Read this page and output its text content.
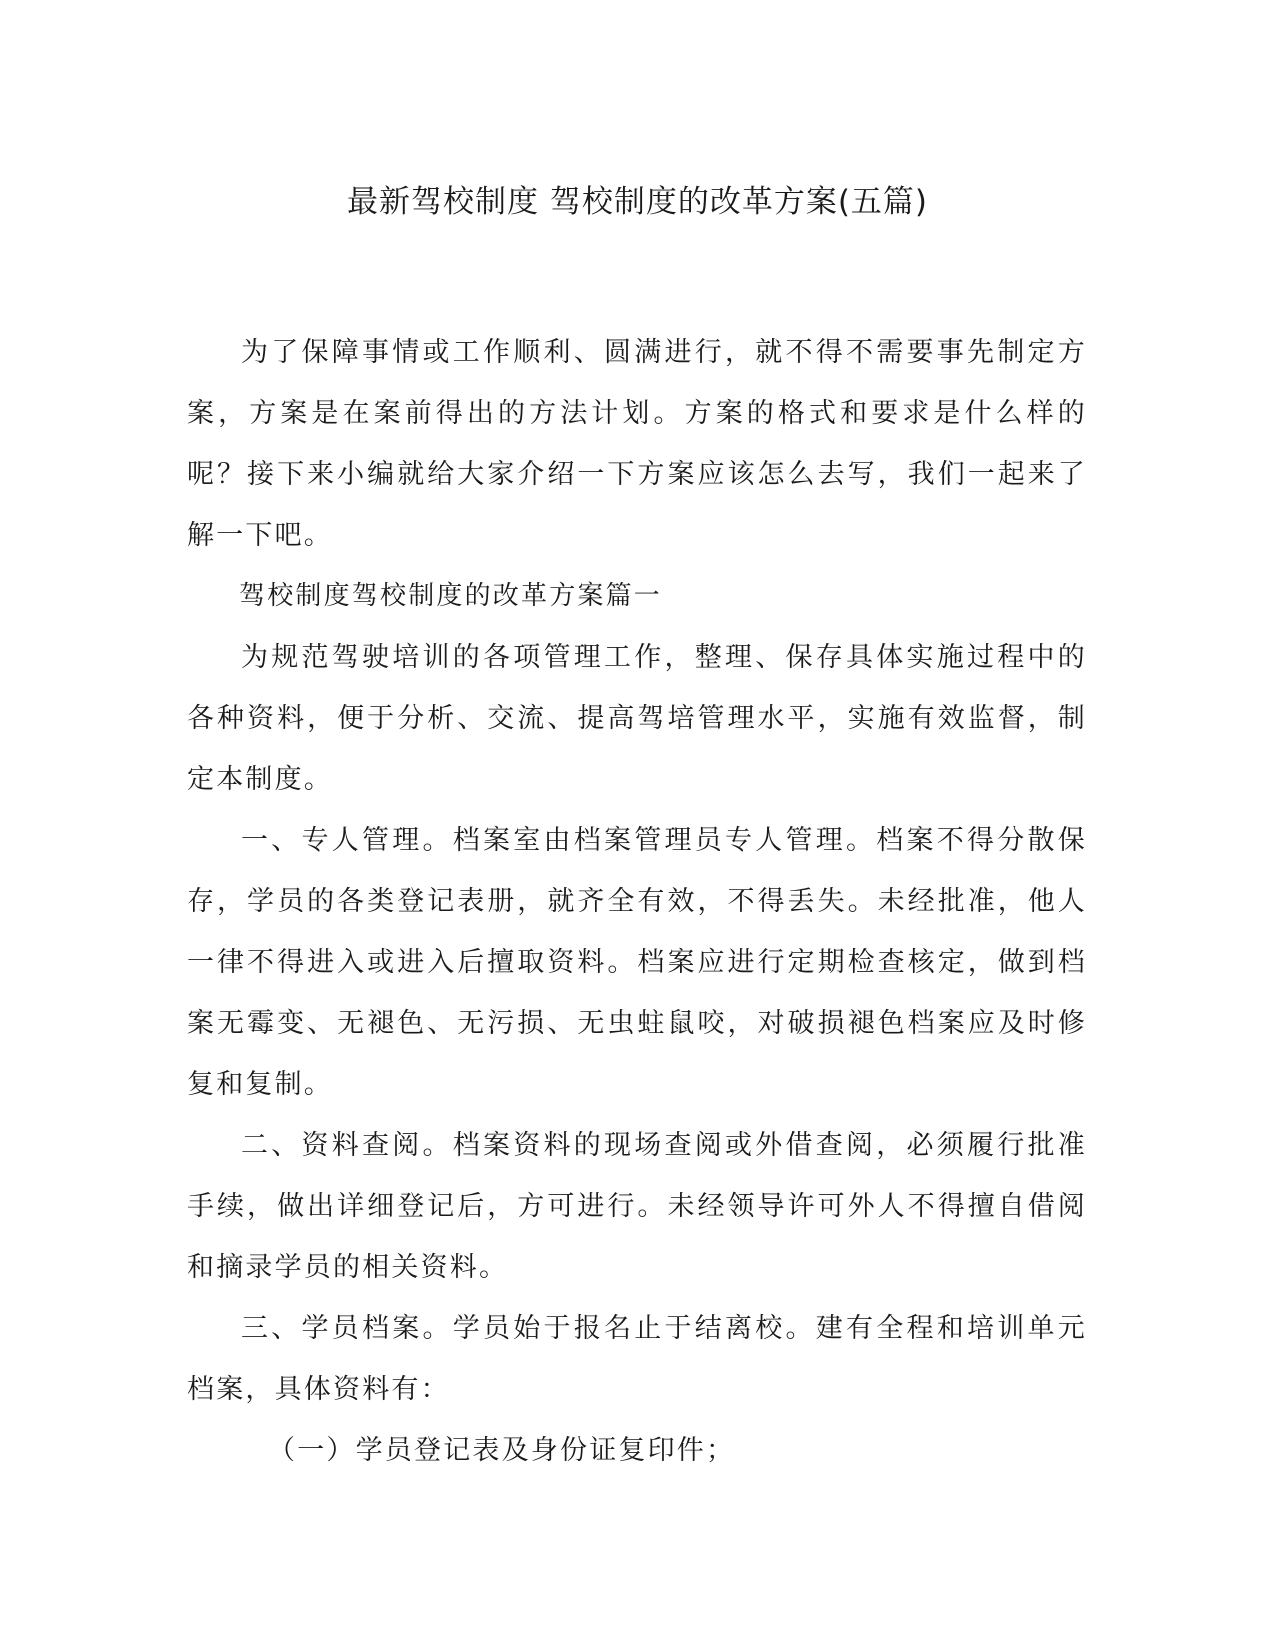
最新驾校制度 驾校制度的改革方案(五篇)

为了保障事情或工作顺利、圆满进行，就不得不需要事先制定方案，方案是在案前得出的方法计划。方案的格式和要求是什么样的呢？接下来小编就给大家介绍一下方案应该怎么去写，我们一起来了解一下吧。

驾校制度驾校制度的改革方案篇一

为规范驾驶培训的各项管理工作，整理、保存具体实施过程中的各种资料，便于分析、交流、提高驾培管理水平，实施有效监督，制定本制度。

一、专人管理。档案室由档案管理员专人管理。档案不得分散保存，学员的各类登记表册，就齐全有效，不得丢失。未经批准，他人一律不得进入或进入后擅取资料。档案应进行定期检查核定，做到档案无霉变、无褪色、无污损、无虫蛀鼠咬，对破损褪色档案应及时修复和复制。

二、资料查阅。档案资料的现场查阅或外借查阅，必须履行批准手续，做出详细登记后，方可进行。未经领导许可外人不得擅自借阅和摘录学员的相关资料。

三、学员档案。学员始于报名止于结离校。建有全程和培训单元档案，具体资料有：

（一）学员登记表及身份证复印件；
